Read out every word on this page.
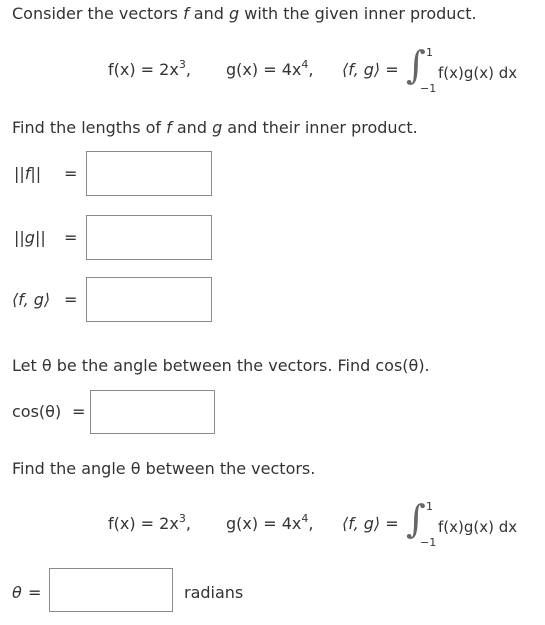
Consider the vectors f and g with the given inner product.
$f(x) = 2x^3$, $g(x) = 4x^4$, ⟨f, g⟩ = ∫ 1
−1
f(x)g(x) dx
Find the lengths of f and g and their inner product.
||f|| =
||g|| =
⟨f, g⟩ =
Let θ be the angle between the vectors. Find cos(θ).
cos(θ) =
Find the angle θ between the vectors.
$f(x) = 2x^3$, $g(x) = 4x^4$, ⟨f, g⟩ = ∫ 1
−1
f(x)g(x) dx
θ =	radians
